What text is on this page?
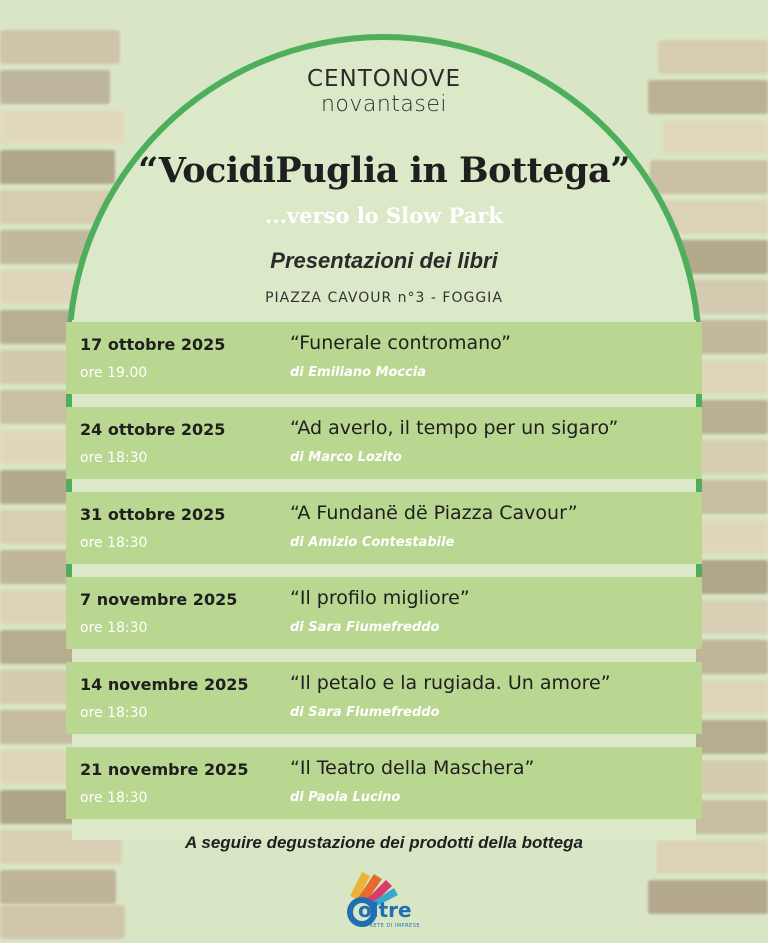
CENTONOVE
novantasei
“VocidiPuglia in Bottega”
...verso lo Slow Park
Presentazioni dei libri
PIAZZA CAVOUR n°3 - FOGGIA
17 ottobre 2025
ore 19.00
“Funerale contromano”
di Emiliano Moccia
24 ottobre 2025
ore 18:30
“Ad averlo, il tempo per un sigaro”
di Marco Lozito
31 ottobre 2025
ore 18:30
“A Fundanë dë Piazza Cavour”
di Amizio Contestabile
7 novembre 2025
ore 18:30
“Il profilo migliore”
di Sara Fiumefreddo
14 novembre 2025
ore 18:30
“Il petalo e la rugiada. Un amore”
di Sara Fiumefreddo
21 novembre 2025
ore 18:30
“Il Teatro della Maschera”
di Paola Lucino
A seguire degustazione dei prodotti della bottega
oltre
LA RETE DI IMPRESE
